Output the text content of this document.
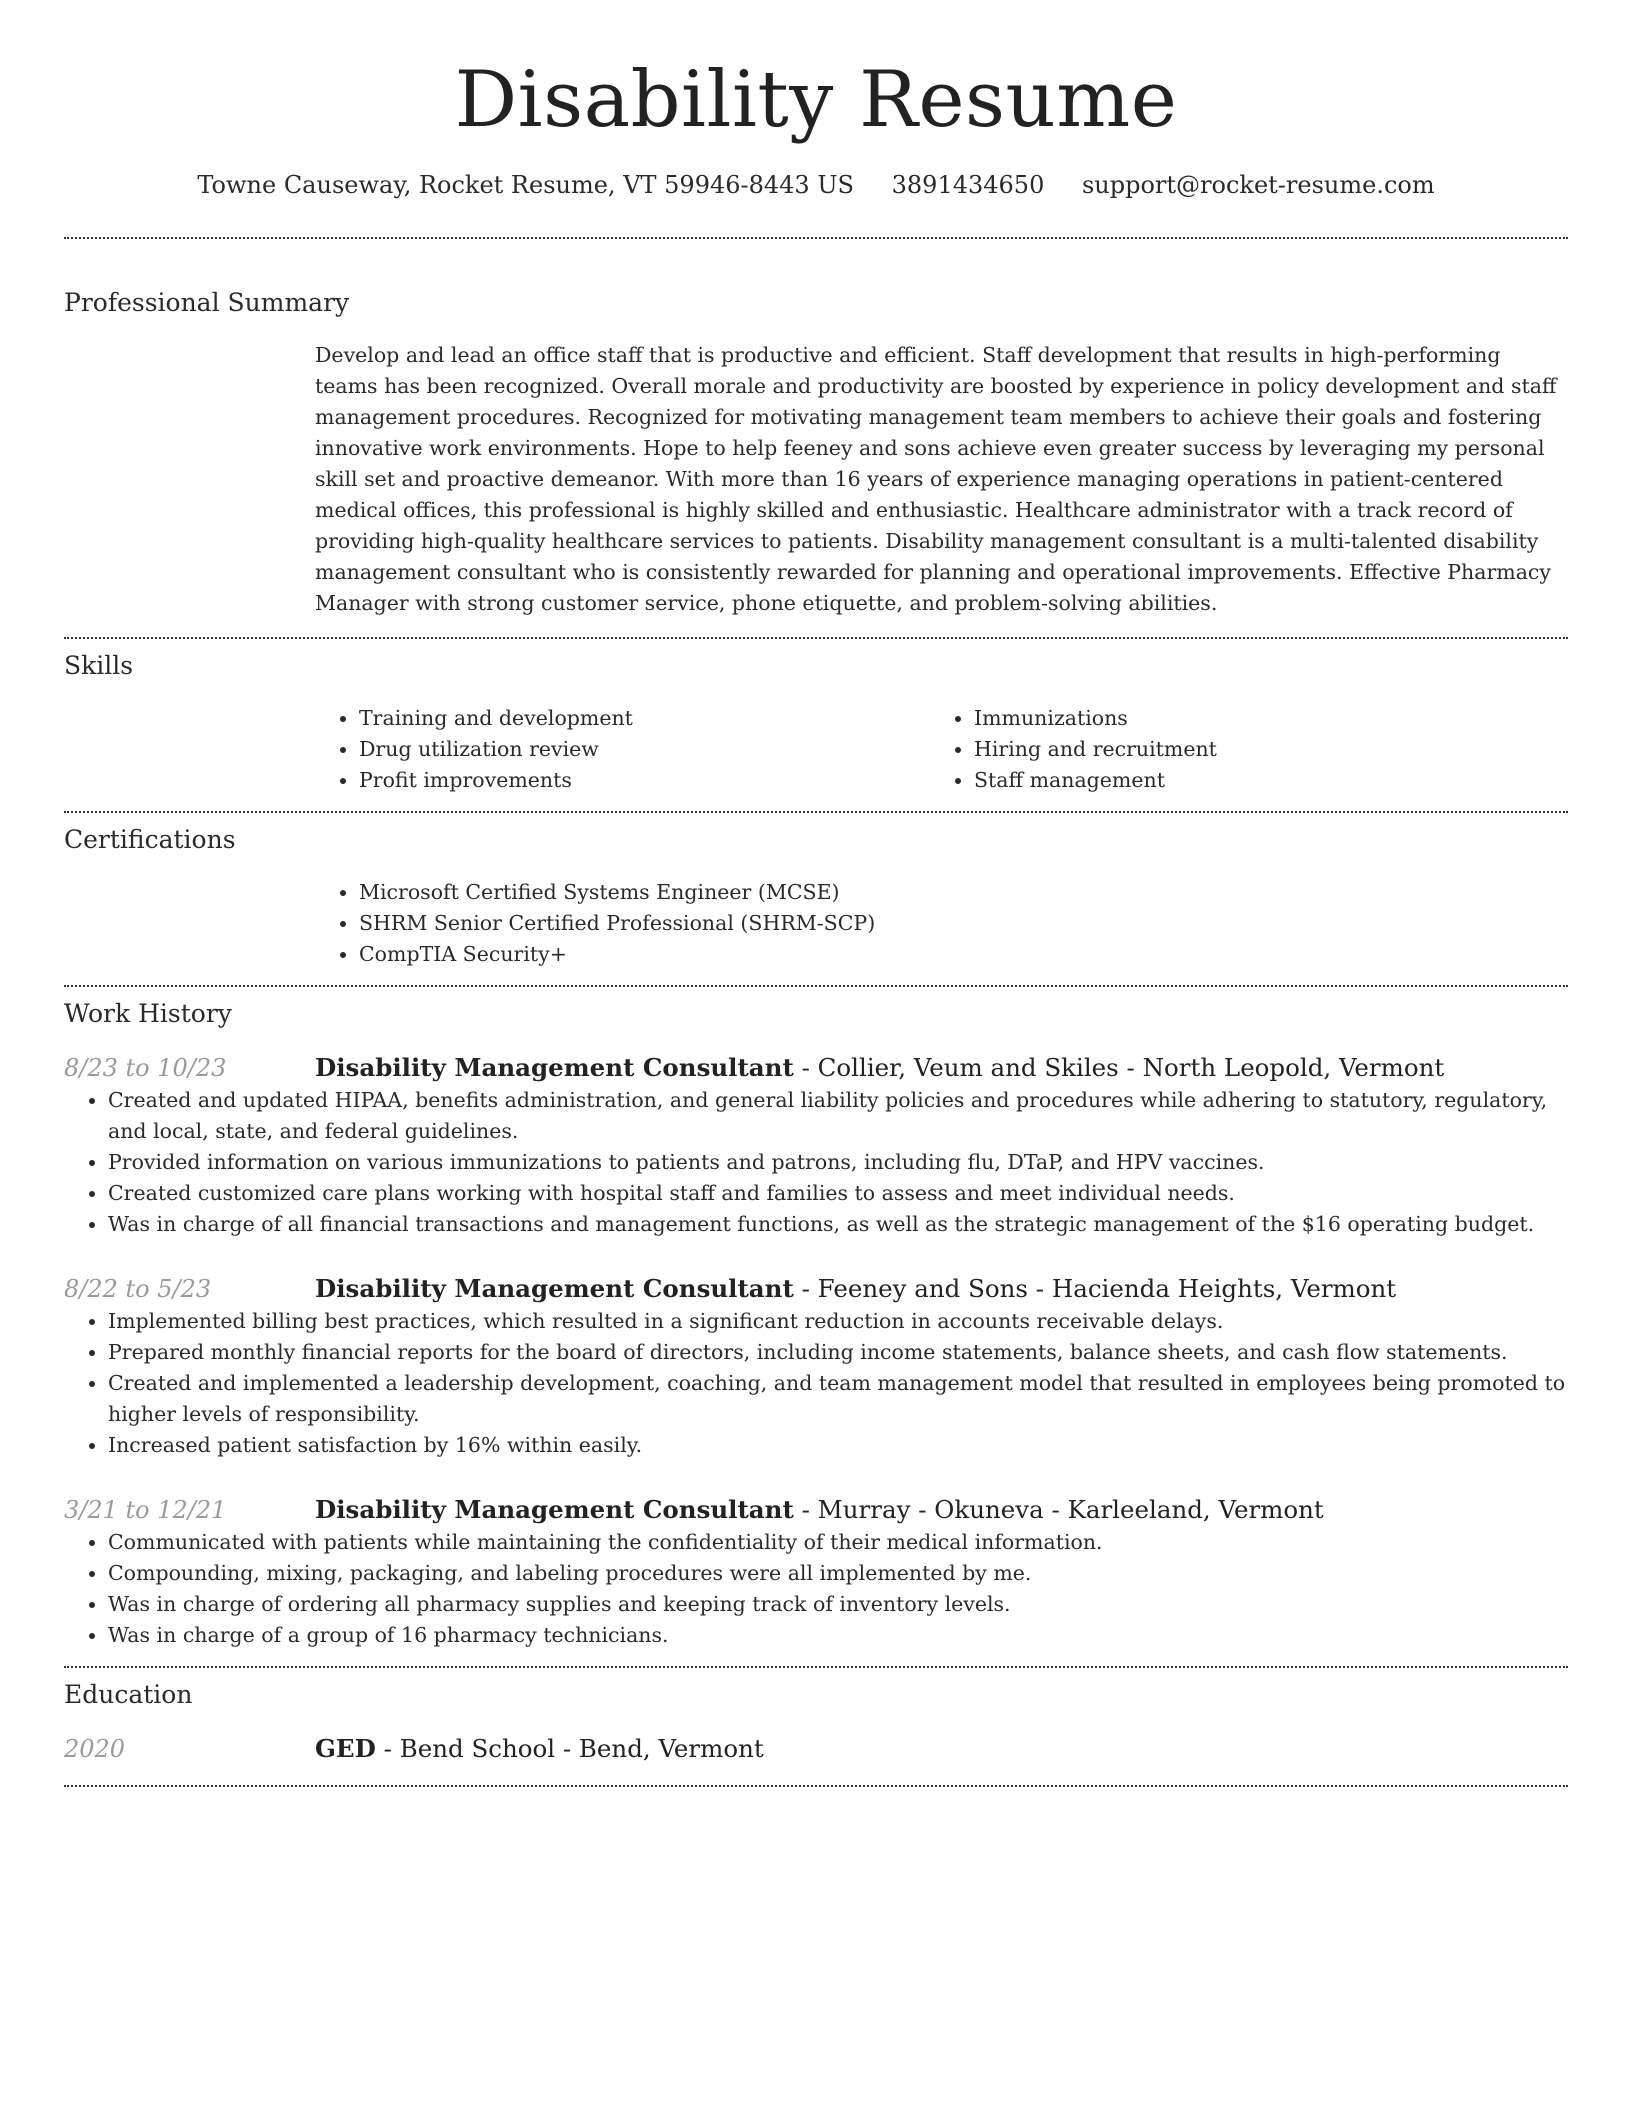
Disability Resume
Towne Causeway, Rocket Resume, VT 59946-8443 US 3891434650 support@rocket-resume.com
Professional Summary

Develop and lead an office staff that is productive and efficient. Staff development that results in high-performing teams has been recognized. Overall morale and productivity are boosted by experience in policy development and staff management procedures. Recognized for motivating management team members to achieve their goals and fostering innovative work environments. Hope to help feeney and sons achieve even greater success by leveraging my personal skill set and proactive demeanor. With more than 16 years of experience managing operations in patient-centered medical offices, this professional is highly skilled and enthusiastic. Healthcare administrator with a track record of providing high-quality healthcare services to patients. Disability management consultant is a multi-talented disability management consultant who is consistently rewarded for planning and operational improvements. Effective Pharmacy Manager with strong customer service, phone etiquette, and problem-solving abilities.

Skills
• Training and development
• Drug utilization review
• Profit improvements
• Immunizations
• Hiring and recruitment
• Staff management
Certifications
• Microsoft Certified Systems Engineer (MCSE)
• SHRM Senior Certified Professional (SHRM-SCP)
• CompTIA Security+
Work History
8/23 to 10/23	Disability Management Consultant - Collier, Veum and Skiles - North Leopold, Vermont
• Created and updated HIPAA, benefits administration, and general liability policies and procedures while adhering to statutory, regulatory, and local, state, and federal guidelines.
• Provided information on various immunizations to patients and patrons, including flu, DTaP, and HPV vaccines.
• Created customized care plans working with hospital staff and families to assess and meet individual needs.
• Was in charge of all financial transactions and management functions, as well as the strategic management of the $16 operating budget.
8/22 to 5/23	Disability Management Consultant - Feeney and Sons - Hacienda Heights, Vermont
• Implemented billing best practices, which resulted in a significant reduction in accounts receivable delays.
• Prepared monthly financial reports for the board of directors, including income statements, balance sheets, and cash flow statements.
• Created and implemented a leadership development, coaching, and team management model that resulted in employees being promoted to higher levels of responsibility.
• Increased patient satisfaction by 16% within easily.
3/21 to 12/21	Disability Management Consultant - Murray - Okuneva - Karleeland, Vermont
• Communicated with patients while maintaining the confidentiality of their medical information.
• Compounding, mixing, packaging, and labeling procedures were all implemented by me.
• Was in charge of ordering all pharmacy supplies and keeping track of inventory levels.
• Was in charge of a group of 16 pharmacy technicians.
Education
2020	GED - Bend School - Bend, Vermont
